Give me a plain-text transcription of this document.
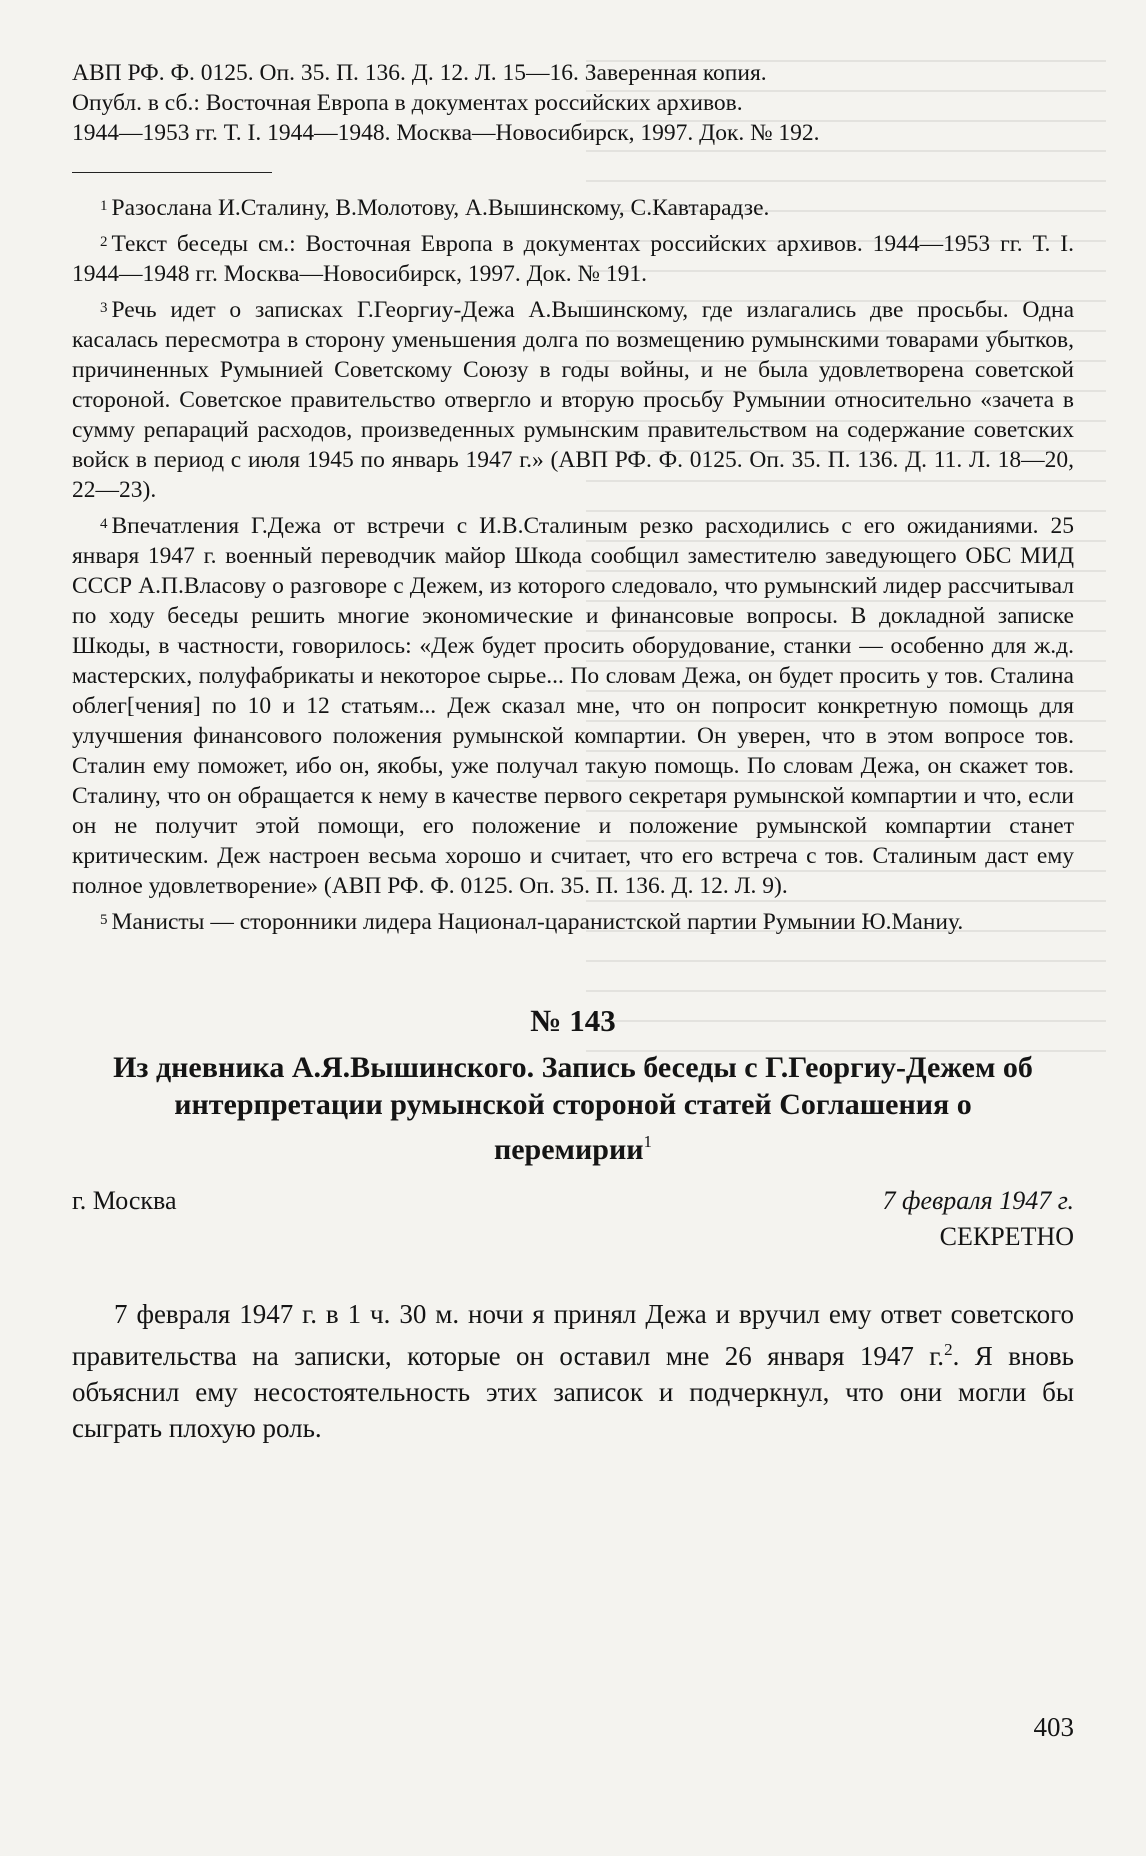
АВП РФ. Ф. 0125. Оп. 35. П. 136. Д. 12. Л. 15—16. Заверенная копия.

Опубл. в сб.: Восточная Европа в документах российских архивов.

1944—1953 гг. Т. I. 1944—1948. Москва—Новосибирск, 1997. Док. № 192.

$^1$ Разослана И.Сталину, В.Молотову, А.Вышинскому, С.Кавтарадзе.

$^2$ Текст беседы см.: Восточная Европа в документах российских архивов. 1944—1953 гг. Т. I. 1944—1948 гг. Москва—Новосибирск, 1997. Док. № 191.

$^3$ Речь идет о записках Г.Георгиу-Дежа А.Вышинскому, где излагались две просьбы. Одна касалась пересмотра в сторону уменьшения долга по возмещению румынскими товарами убытков, причиненных Румынией Советскому Союзу в годы войны, и не была удовлетворена советской стороной. Советское правительство отвергло и вторую просьбу Румынии относительно «зачета в сумму репараций расходов, произведенных румынским правительством на содержание советских войск в период с июля 1945 по январь 1947 г.» (АВП РФ. Ф. 0125. Оп. 35. П. 136. Д. 11. Л. 18—20, 22—23).

$^4$ Впечатления Г.Дежа от встречи с И.В.Сталиным резко расходились с его ожиданиями. 25 января 1947 г. военный переводчик майор Шкода сообщил заместителю заведующего ОБС МИД СССР А.П.Власову о разговоре с Дежем, из которого следовало, что румынский лидер рассчитывал по ходу беседы решить многие экономические и финансовые вопросы. В докладной записке Шкоды, в частности, говорилось: «Деж будет просить оборудование, станки — особенно для ж.д. мастерских, полуфабрикаты и некоторое сырье... По словам Дежа, он будет просить у тов. Сталина облег[чения] по 10 и 12 статьям... Деж сказал мне, что он попросит конкретную помощь для улучшения финансового положения румынской компартии. Он уверен, что в этом вопросе тов. Сталин ему поможет, ибо он, якобы, уже получал такую помощь. По словам Дежа, он скажет тов. Сталину, что он обращается к нему в качестве первого секретаря румынской компартии и что, если он не получит этой помощи, его положение и положение румынской компартии станет критическим. Деж настроен весьма хорошо и считает, что его встреча с тов. Сталиным даст ему полное удовлетворение» (АВП РФ. Ф. 0125. Оп. 35. П. 136. Д. 12. Л. 9).

$^5$ Манисты — сторонники лидера Национал-царанистской партии Румынии Ю.Маниу.

№ 143
Из дневника А.Я.Вышинского. Запись беседы с Г.Георгиу-Дежем об интерпретации румынской стороной статей Соглашения о перемирии$^1$
г. Москва	7 февраля 1947 г.
СЕКРЕТНО

7 февраля 1947 г. в 1 ч. 30 м. ночи я принял Дежа и вручил ему ответ советского правительства на записки, которые он оставил мне 26 января 1947 г.$^2$. Я вновь объяснил ему несостоятельность этих записок и подчеркнул, что они могли бы сыграть плохую роль.

403
